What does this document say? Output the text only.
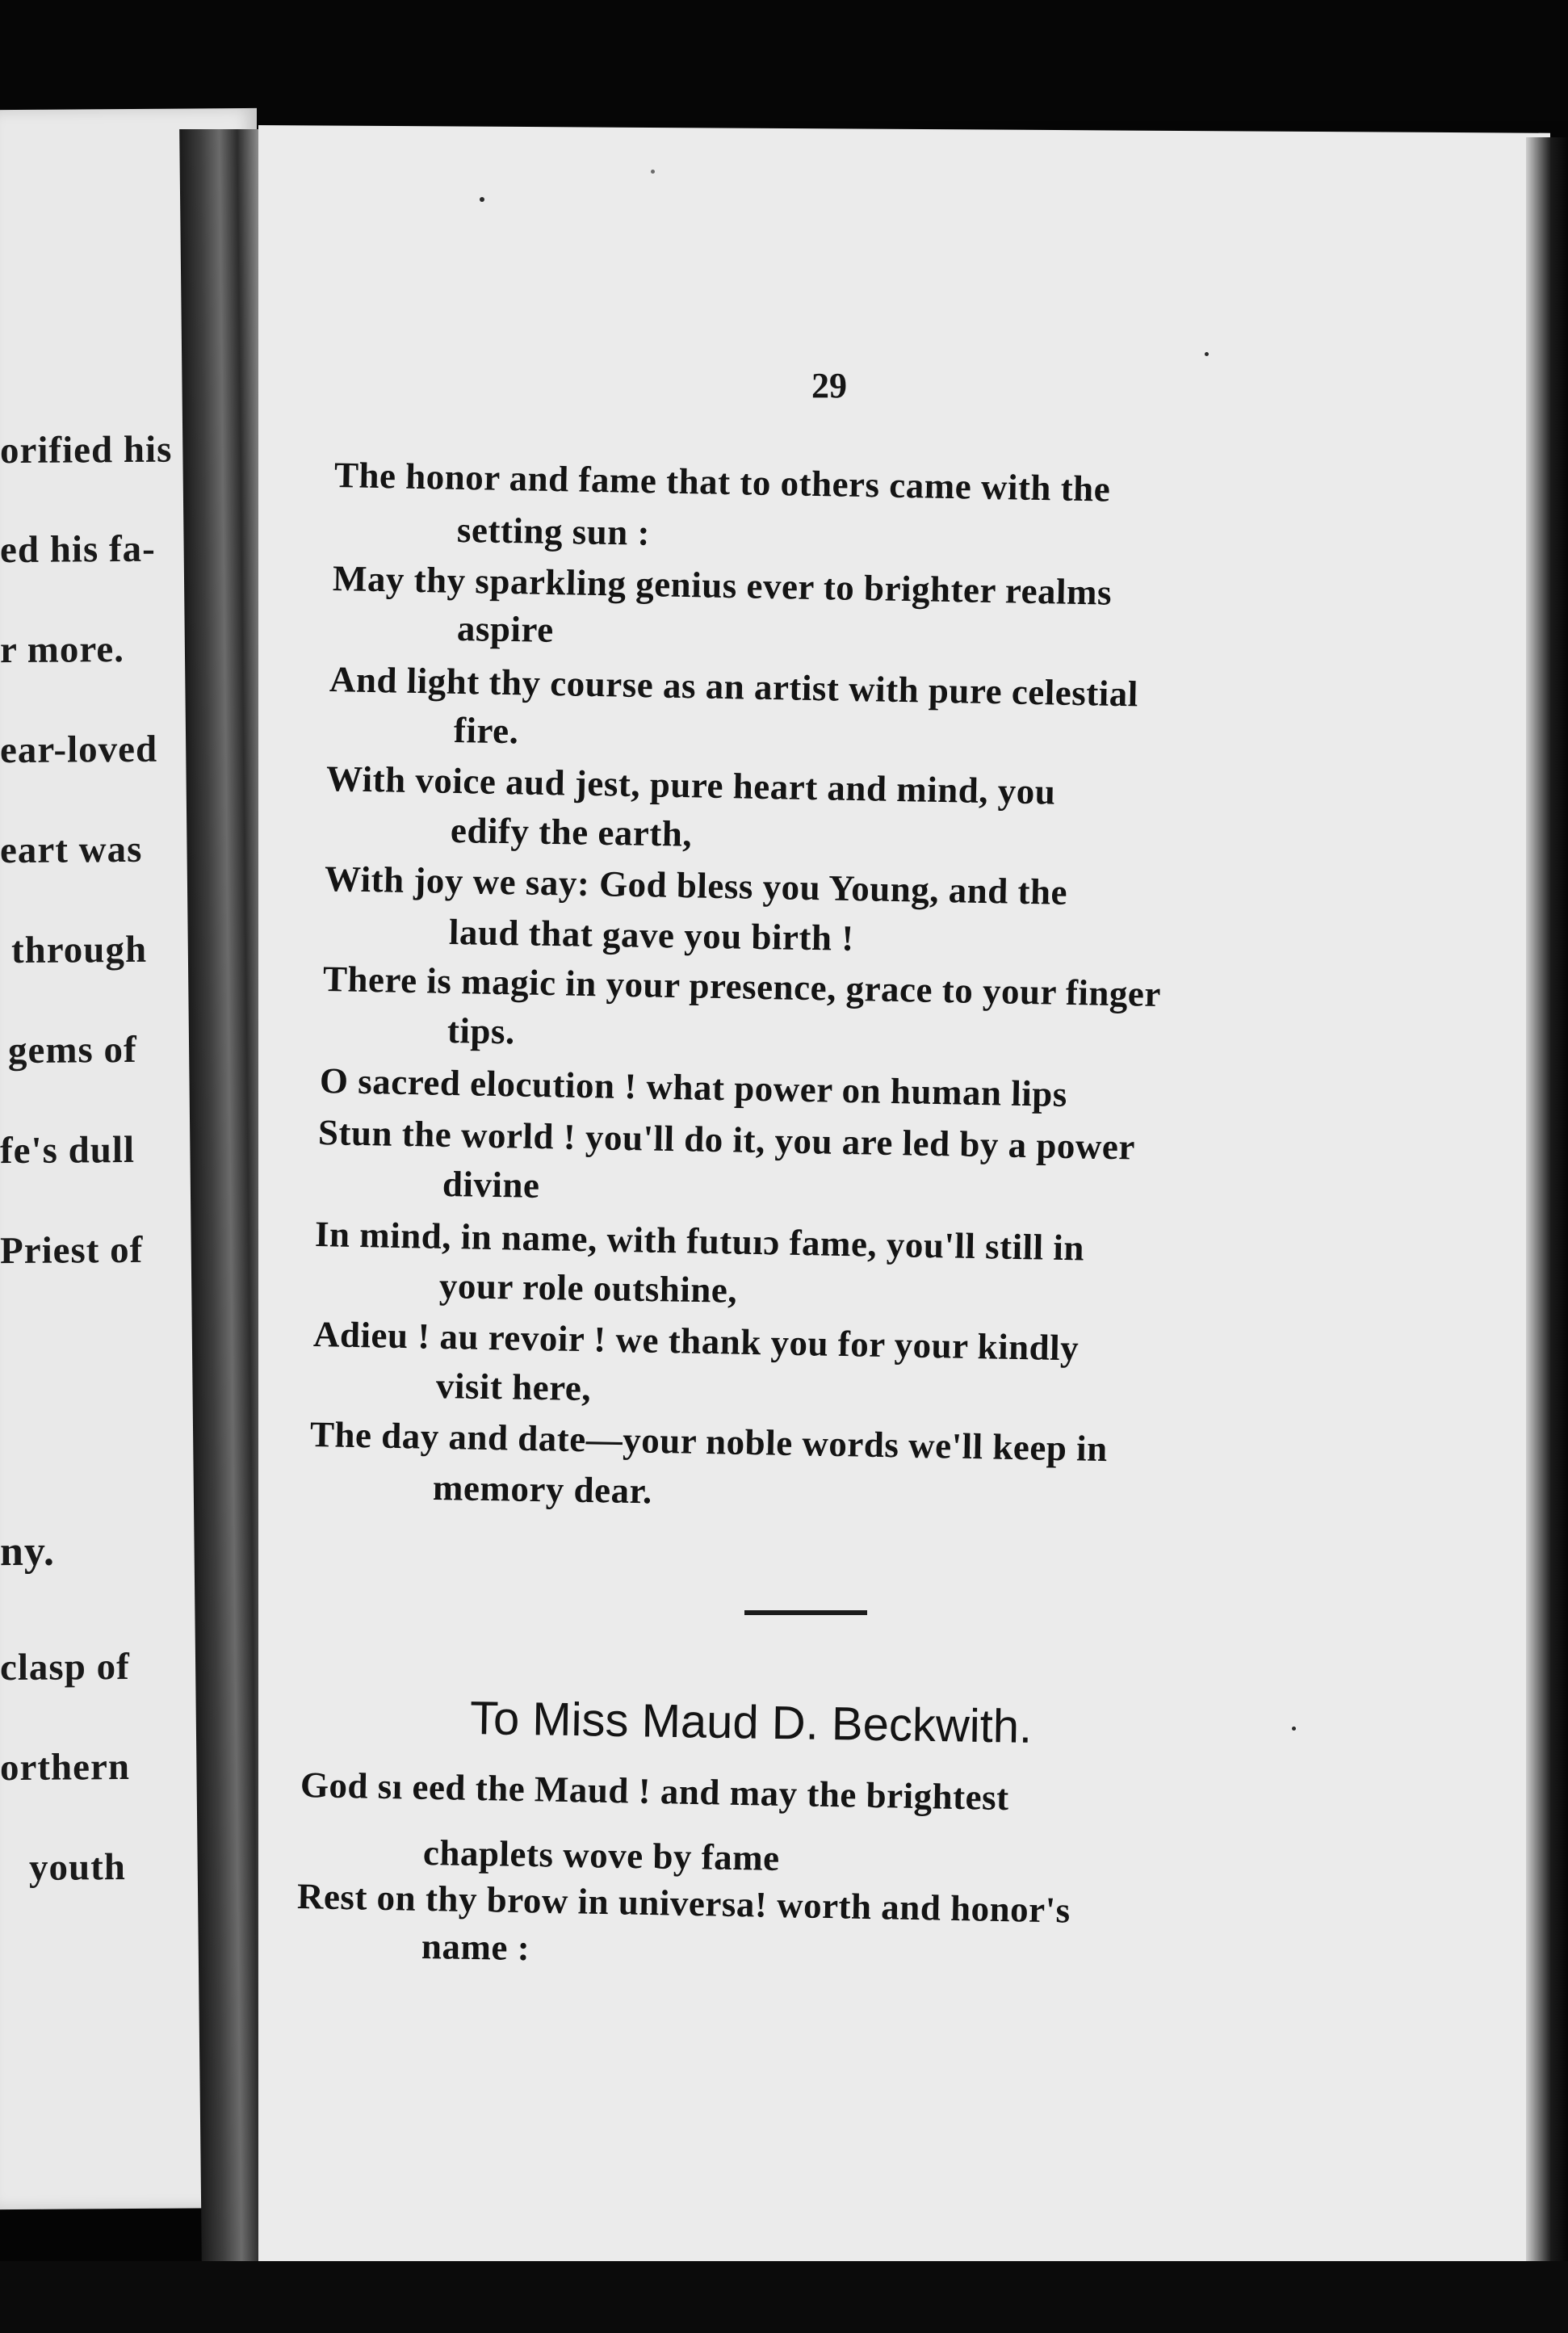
orified his
ed his fa-
r more.
ear-loved
eart was
through
gems of
fe's dull
Priest of
ny.
clasp of
orthern
youth
29
The honor and fame that to others came with the
setting sun :
May thy sparkling genius ever to brighter realms
aspire
And light thy course as an artist with pure celestial
fire.
With voice aud jest, pure heart and mind, you
edify the earth,
With joy we say: God bless you Young, and the
laud that gave you birth !
There is magic in your presence, grace to your finger
tips.
O sacred elocution ! what power on human lips
Stun the world ! you'll do it, you are led by a power
divine
In mind, in name, with futuıɔ fame, you'll still in
your role outshine,
Adieu ! au revoir ! we thank you for your kindly
visit here,
The day and date—your noble words we'll keep in
memory dear.
To Miss Maud D. Beckwith.
God sı eed the Maud ! and may the brightest
chaplets wove by fame
Rest on thy brow in universa! worth and honor's
name :
